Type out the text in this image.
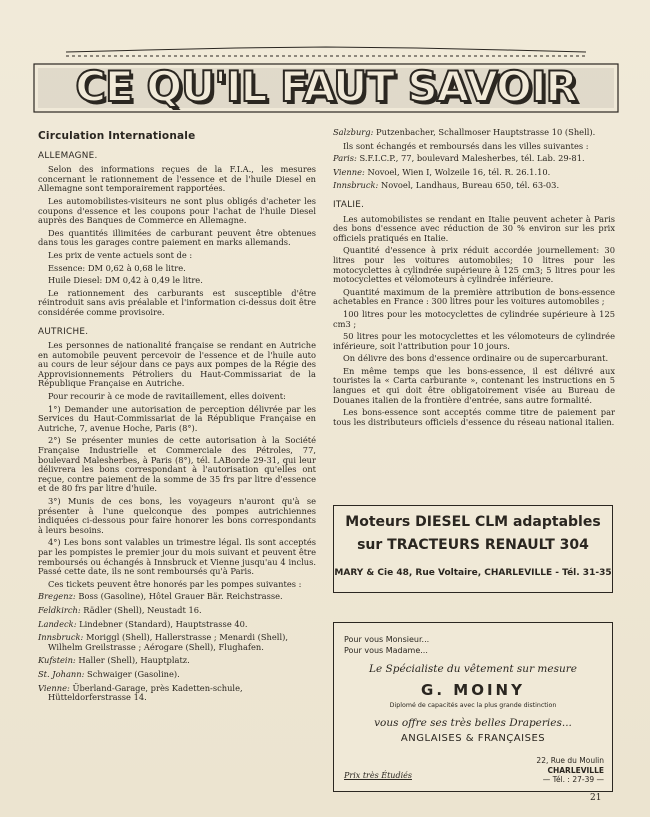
CE QU'IL FAUT SAVOIR
Circulation Internationale
ALLEMAGNE.

Selon des informations reçues de la F.I.A., les mesures concernant le rationnement de l'essence et de l'huile Diesel en Allemagne sont temporairement rapportées.

Les automobilistes-visiteurs ne sont plus obligés d'acheter les coupons d'essence et les coupons pour l'achat de l'huile Diesel auprès des Banques de Commerce en Allemagne.

Des quantités illimitées de carburant peuvent être obtenues dans tous les garages contre paiement en marks allemands.

Les prix de vente actuels sont de :

Essence: DM 0,62 à 0,68 le litre.

Huile Diesel: DM 0,42 à 0,49 le litre.

Le rationnement des carburants est susceptible d'être réintroduit sans avis préalable et l'information ci-dessus doit être considérée comme provisoire.

AUTRICHE.

Les personnes de nationalité française se rendant en Autriche en automobile peuvent percevoir de l'essence et de l'huile auto au cours de leur séjour dans ce pays aux pompes de la Régie des Approvisionnements Pétroliers du Haut-Commissariat de la République Française en Autriche.

Pour recourir à ce mode de ravitaillement, elles doivent:

1°) Demander une autorisation de perception délivrée par les Services du Haut-Commissariat de la République Française en Autriche, 7, avenue Hoche, Paris (8°).

2°) Se présenter munies de cette autorisation à la Société Française Industrielle et Commerciale des Pétroles, 77, boulevard Malesherbes, à Paris (8°), tél. LABorde 29-31, qui leur délivrera les bons correspondant à l'autorisation qu'elles ont reçue, contre paiement de la somme de 35 frs par litre d'essence et de 80 frs par litre d'huile.

3°) Munis de ces bons, les voyageurs n'auront qu'à se présenter à l'une quelconque des pompes autrichiennes indiquées ci-dessous pour faire honorer les bons correspondants à leurs besoins.

4°) Les bons sont valables un trimestre légal. Ils sont acceptés par les pompistes le premier jour du mois suivant et peuvent être remboursés ou échangés à Innsbruck et Vienne jusqu'au 4 inclus. Passé cette date, ils ne sont remboursés qu'à Paris.

Ces tickets peuvent être honorés par les pompes suivantes :

Bregenz: Boss (Gasoline), Hôtel Grauer Bär. Reichstrasse.
Feldkirch: Rädler (Shell), Neustadt 16.
Landeck: Lindebner (Standard), Hauptstrasse 40.
Innsbruck: Moriggl (Shell), Hallerstrasse ; Menardi (Shell), Wilhelm Greilstrasse ; Aérogare (Shell), Flughafen.
Kufstein: Haller (Shell), Hauptplatz.
St. Johann: Schwaiger (Gasoline).
Vienne: Überland-Garage, près Kadetten-schule, Hütteldorferstrasse 14.
Salzburg: Putzenbacher, Schallmoser Hauptstrasse 10 (Shell).

Ils sont échangés et remboursés dans les villes suivantes :

Paris: S.F.I.C.P., 77, boulevard Malesherbes, tél. Lab. 29-81.
Vienne: Novoel, Wien I, Wolzeile 16, tél. R. 26.1.10.
Innsbruck: Novoel, Landhaus, Bureau 650, tél. 63-03.
ITALIE.

Les automobilistes se rendant en Italie peuvent acheter à Paris des bons d'essence avec réduction de 30 % environ sur les prix officiels pratiqués en Italie.

Quantité d'essence à prix réduit accordée journellement: 30 litres pour les voitures automobiles; 10 litres pour les motocyclettes à cylindrée supérieure à 125 cm3; 5 litres pour les motocyclettes et vélomoteurs à cylindrée inférieure.

Quantité maximum de la première attribution de bons-essence achetables en France : 300 litres pour les voitures automobiles ;

100 litres pour les motocyclettes de cylindrée supérieure à 125 cm3 ;

50 litres pour les motocyclettes et les vélomoteurs de cylindrée inférieure, soit l'attribution pour 10 jours.

On délivre des bons d'essence ordinaire ou de supercarburant.

En même temps que les bons-essence, il est délivré aux touristes la « Carta carburante », contenant les instructions en 5 langues et qui doit être obligatoirement visée au Bureau de Douanes italien de la frontière d'entrée, sans autre formalité.

Les bons-essence sont acceptés comme titre de paiement par tous les distributeurs officiels d'essence du réseau national italien.

Moteurs DIESEL CLM adaptables
sur TRACTEURS RENAULT 304
MARY & Cie 48, Rue Voltaire, CHARLEVILLE - Tél. 31-35
Pour vous Monsieur...
Pour vous Madame...
Le Spécialiste du vêtement sur mesure
G. MOINY
Diplomé de capacités avec la plus grande distinction
vous offre ses très belles Draperies...
ANGLAISES & FRANÇAISES
22, Rue du Moulin
CHARLEVILLE
— Tél. : 27-39 —
Prix très Étudiés
21
